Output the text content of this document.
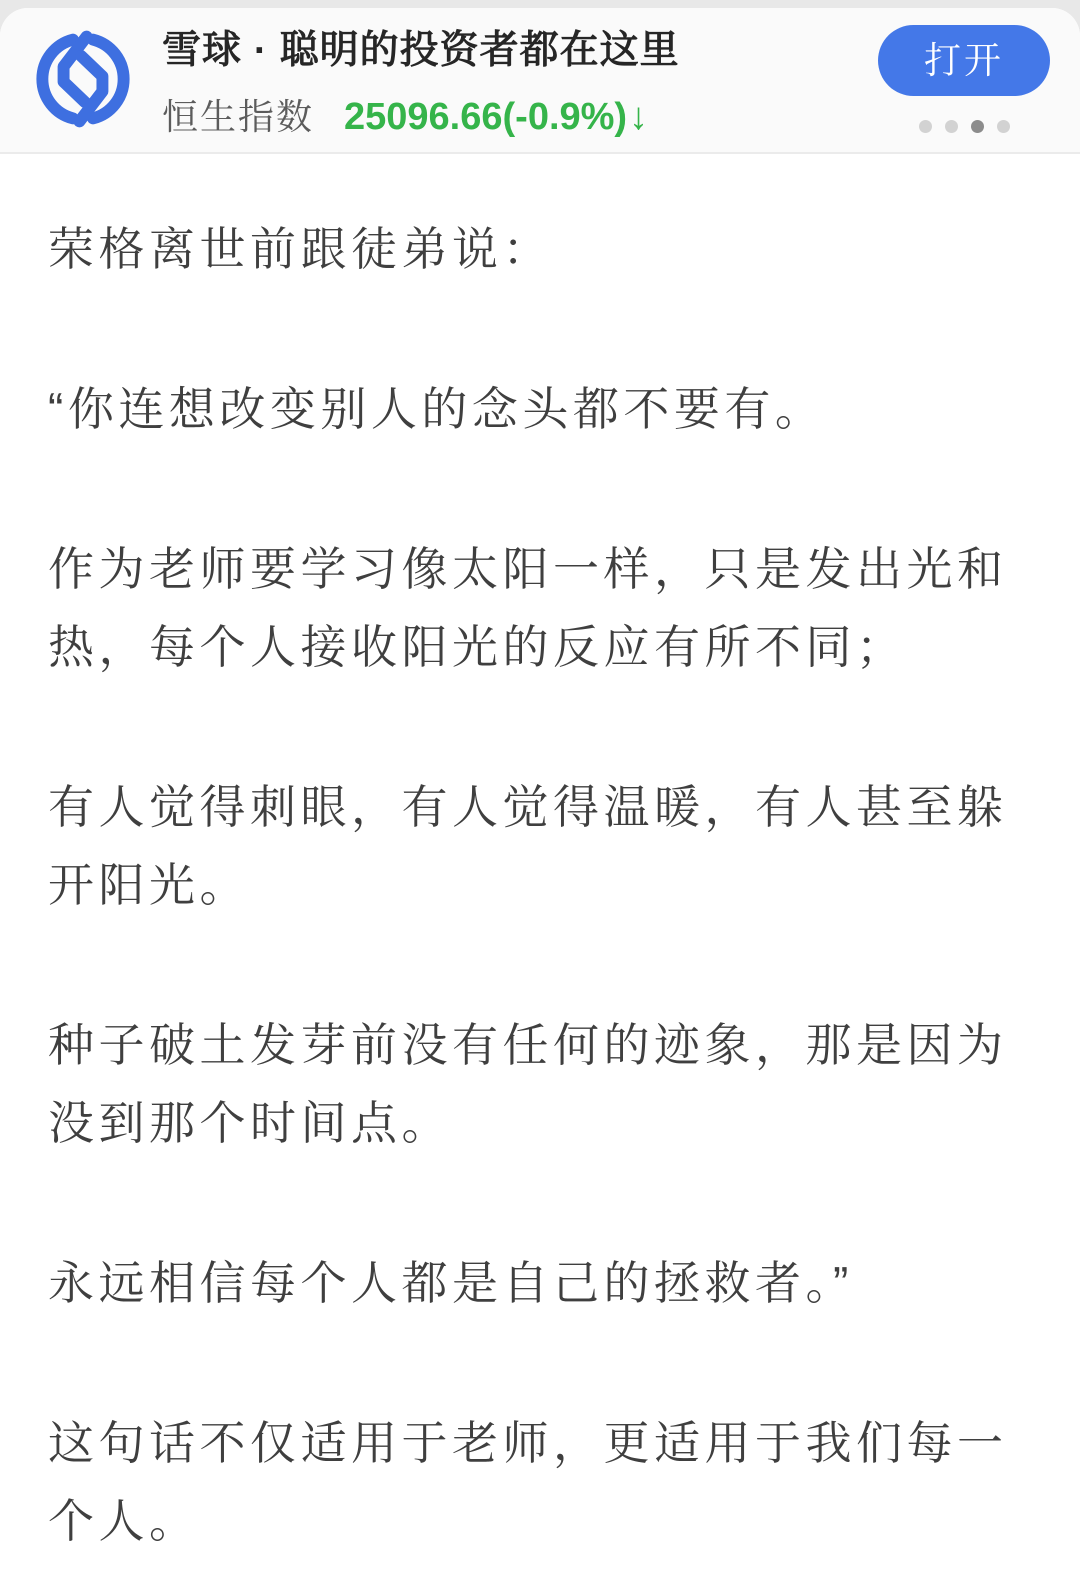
雪球 · 聪明的投资者都在这里
恒生指数 25096.66(-0.9%) ↓
打开

荣格离世前跟徒弟说：

“你连想改变别人的念头都不要有。

作为老师要学习像太阳一样，只是发出光和热，每个人接收阳光的反应有所不同；

有人觉得刺眼，有人觉得温暖，有人甚至躲开阳光。

种子破土发芽前没有任何的迹象，那是因为没到那个时间点。

永远相信每个人都是自己的拯救者。”

这句话不仅适用于老师，更适用于我们每一个人。
